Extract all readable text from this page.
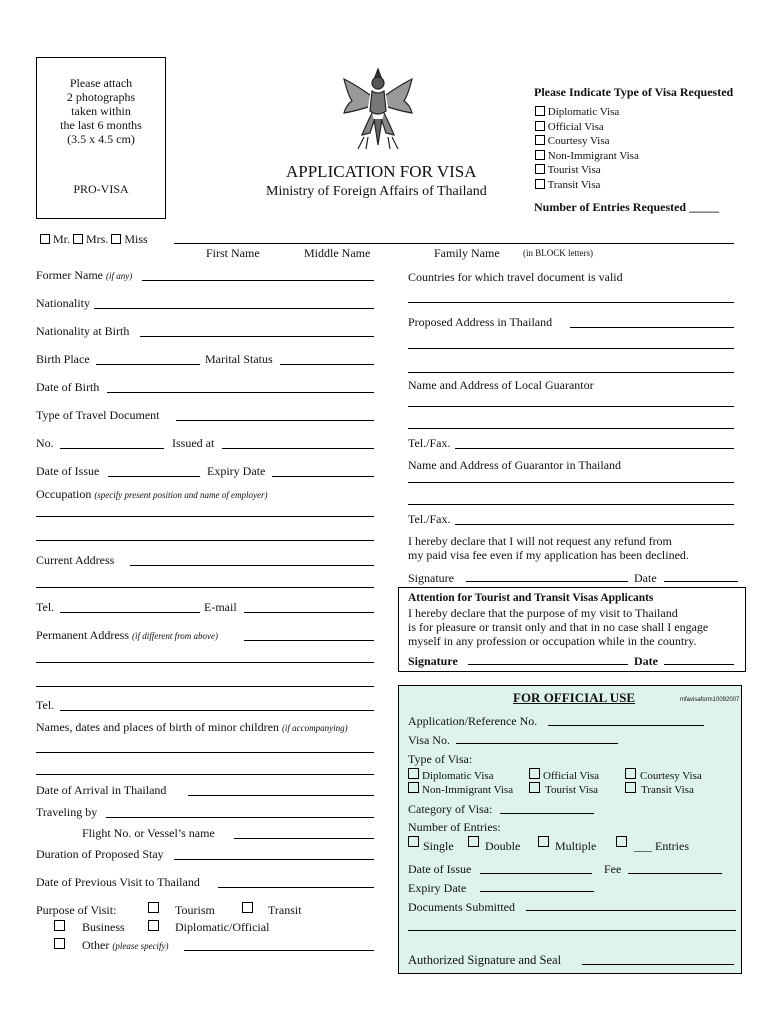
Please attach
2 photographs
taken within
the last 6 months
(3.5 x 4.5 cm)
PRO-VISA
APPLICATION FOR VISA
Ministry of Foreign Affairs of Thailand
Please Indicate Type of Visa Requested
Diplomatic Visa
Official Visa
Courtesy Visa
Non-Immigrant Visa
Tourist Visa
Transit Visa
Number of Entries Requested _____
Mr. Mrs. Miss
First Name	Middle Name	Family Name	(in BLOCK letters)
Former Name (if any)
Nationality
Nationality at Birth
Birth Place	Marital Status
Date of Birth
Type of Travel Document
No.	Issued at
Date of Issue	Expiry Date
Occupation (specify present position and name of employer)
Current Address
Tel.	E-mail
Permanent Address (if different from above)
Tel.
Names, dates and places of birth of minor children (if accompanying)
Date of Arrival in Thailand
Traveling by
Flight No. or Vessel’s name
Duration of Proposed Stay
Date of Previous Visit to Thailand
Purpose of Visit:	Tourism	Transit
Business	Diplomatic/Official
Other (please specify)
Countries for which travel document is valid
Proposed Address in Thailand
Name and Address of Local Guarantor
Tel./Fax.
Name and Address of Guarantor in Thailand
Tel./Fax.
I hereby declare that I will not request any refund from
my paid visa fee even if my application has been declined.
Signature	Date
Attention for Tourist and Transit Visas Applicants
I hereby declare that the purpose of my visit to Thailand
is for pleasure or transit only and that in no case shall I engage
myself in any profession or occupation while in the country.
Signature	Date
FOR OFFICIAL USE	mfavisaform10092007
Application/Reference No.
Visa No.
Type of Visa:
Diplomatic Visa	Official Visa	Courtesy Visa
Non-Immigrant Visa	Tourist Visa	Transit Visa
Category of Visa:
Number of Entries:
Single	Double	Multiple	___ Entries
Date of Issue	Fee
Expiry Date
Documents Submitted
Authorized Signature and Seal
